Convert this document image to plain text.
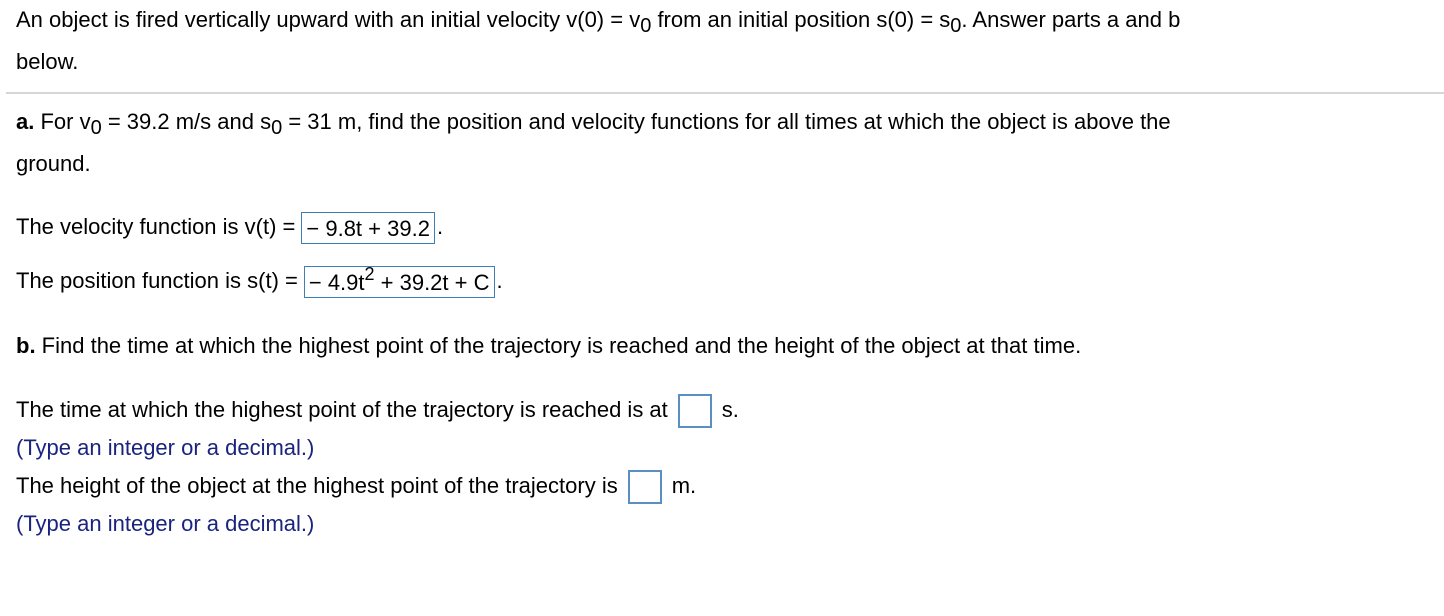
An object is fired vertically upward with an initial velocity $v(0) = v_0$ from an initial position $s(0) = s_0$. Answer parts a and b
below.
a. For $v_0 = 39.2$ m/s and $s_0 = 31$ m, find the position and velocity functions for all times at which the object is above the
ground.
The velocity function is v(t) = − 9.8t + 39.2 .
The position function is s(t) = − $4.9t^2 + 39.2t + C$ .
b. Find the time at which the highest point of the trajectory is reached and the height of the object at that time.
The time at which the highest point of the trajectory is reached is at s.
(Type an integer or a decimal.)
The height of the object at the highest point of the trajectory is m.
(Type an integer or a decimal.)
